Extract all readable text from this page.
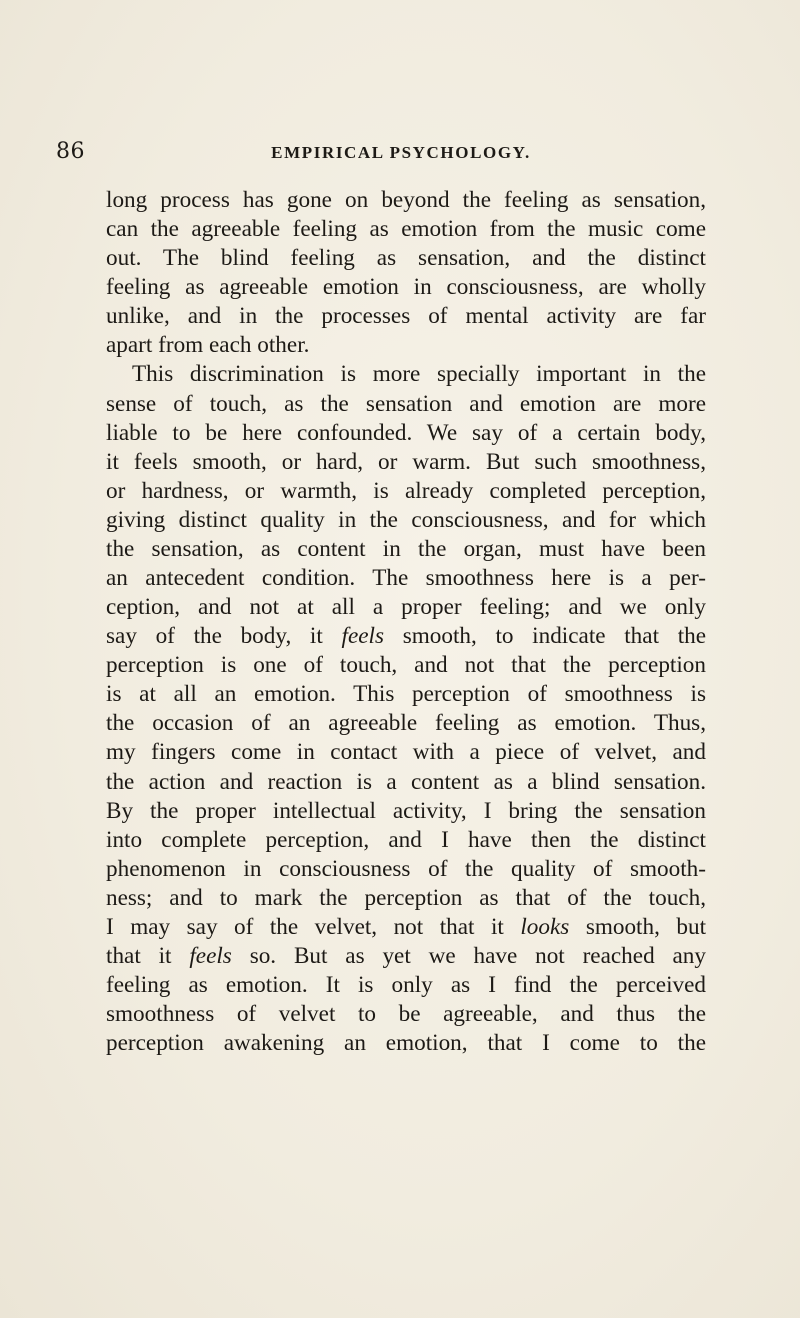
86	EMPIRICAL PSYCHOLOGY.
long process has gone on beyond the feeling as sensation,
can the agreeable feeling as emotion from the music come
out. The blind feeling as sensation, and the distinct
feeling as agreeable emotion in consciousness, are wholly
unlike, and in the processes of mental activity are far
apart from each other.
This discrimination is more specially important in the
sense of touch, as the sensation and emotion are more
liable to be here confounded. We say of a certain body,
it feels smooth, or hard, or warm. But such smoothness,
or hardness, or warmth, is already completed perception,
giving distinct quality in the consciousness, and for which
the sensation, as content in the organ, must have been
an antecedent condition. The smoothness here is a per-
ception, and not at all a proper feeling; and we only
say of the body, it feels smooth, to indicate that the
perception is one of touch, and not that the perception
is at all an emotion. This perception of smoothness is
the occasion of an agreeable feeling as emotion. Thus,
my fingers come in contact with a piece of velvet, and
the action and reaction is a content as a blind sensation.
By the proper intellectual activity, I bring the sensation
into complete perception, and I have then the distinct
phenomenon in consciousness of the quality of smooth-
ness; and to mark the perception as that of the touch,
I may say of the velvet, not that it looks smooth, but
that it feels so. But as yet we have not reached any
feeling as emotion. It is only as I find the perceived
smoothness of velvet to be agreeable, and thus the
perception awakening an emotion, that I come to the
